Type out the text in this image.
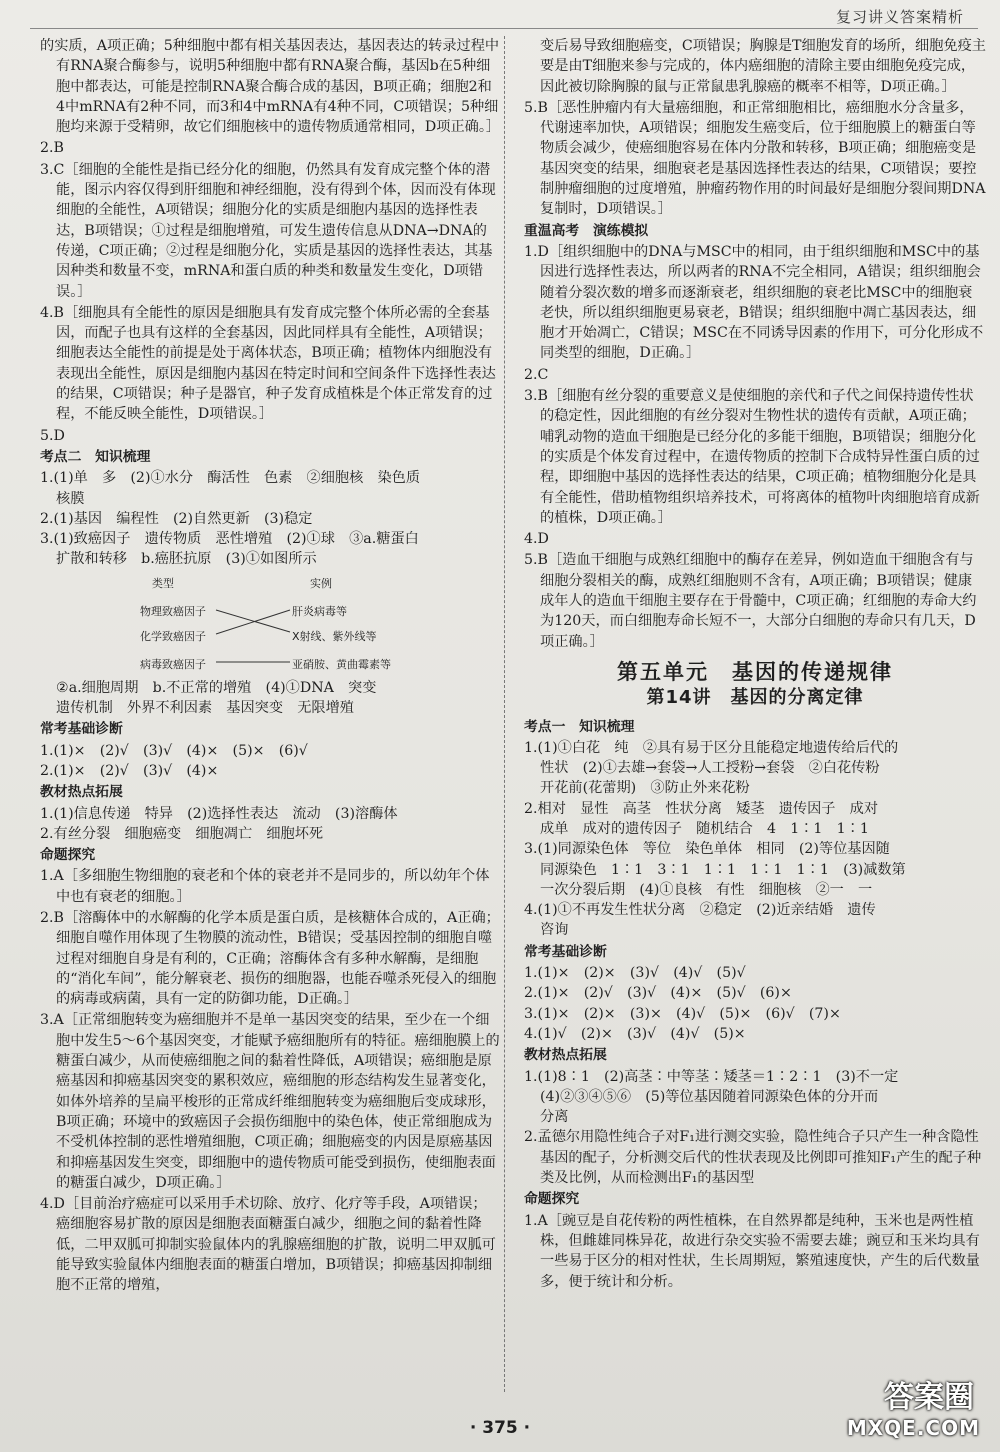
复习讲义答案精析

的实质，A项正确；5种细胞中都有相关基因表达，基因表达的转录过程中有RNA聚合酶参与，说明5种细胞中都有RNA聚合酶，基因b在5种细胞中都表达，可能是控制RNA聚合酶合成的基因，B项正确；细胞2和4中mRNA有2种不同，而3和4中mRNA有4种不同，C项错误；5种细胞均来源于受精卵，故它们细胞核中的遗传物质通常相同，D项正确。］

2.B

3.C［细胞的全能性是指已经分化的细胞，仍然具有发育成完整个体的潜能，图示内容仅得到肝细胞和神经细胞，没有得到个体，因而没有体现细胞的全能性，A项错误；细胞分化的实质是细胞内基因的选择性表达，B项错误；①过程是细胞增殖，可发生遗传信息从DNA→DNA的传递，C项正确；②过程是细胞分化，实质是基因的选择性表达，其基因种类和数量不变，mRNA和蛋白质的种类和数量发生变化，D项错误。］

4.B［细胞具有全能性的原因是细胞具有发育成完整个体所必需的全套基因，而配子也具有这样的全套基因，因此同样具有全能性，A项错误；细胞表达全能性的前提是处于离体状态，B项正确；植物体内细胞没有表现出全能性，原因是细胞内基因在特定时间和空间条件下选择性表达的结果，C项错误；种子是器官，种子发育成植株是个体正常发育的过程，不能反映全能性，D项错误。］

5.D

考点二　知识梳理

1.(1)单　多　(2)①水分　酶活性　色素　②细胞核　染色质

核膜

2.(1)基因　编程性　(2)自然更新　(3)稳定

3.(1)致癌因子　遗传物质　恶性增殖　(2)①球　③a.糖蛋白

扩散和转移　b.癌胚抗原　(3)①如图所示

类型	实例
物理致癌因子
化学致癌因子
病毒致癌因子
肝炎病毒等
X射线、紫外线等
亚硝胺、黄曲霉素等

②a.细胞周期　b.不正常的增殖　(4)①DNA　突变

遗传机制　外界不利因素　基因突变　无限增殖

常考基础诊断

1.(1)×　(2)√　(3)√　(4)×　(5)×　(6)√

2.(1)×　(2)√　(3)√　(4)×

教材热点拓展

1.(1)信息传递　特异　(2)选择性表达　流动　(3)溶酶体

2.有丝分裂　细胞癌变　细胞凋亡　细胞坏死

命题探究

1.A［多细胞生物细胞的衰老和个体的衰老并不是同步的，所以幼年个体中也有衰老的细胞。］

2.B［溶酶体中的水解酶的化学本质是蛋白质，是核糖体合成的，A正确；细胞自噬作用体现了生物膜的流动性，B错误；受基因控制的细胞自噬过程对细胞自身是有利的，C正确；溶酶体含有多种水解酶，是细胞的“消化车间”，能分解衰老、损伤的细胞器，也能吞噬杀死侵入的细胞的病毒或病菌，具有一定的防御功能，D正确。］

3.A［正常细胞转变为癌细胞并不是单一基因突变的结果，至少在一个细胞中发生5～6个基因突变，才能赋予癌细胞所有的特征。癌细胞膜上的糖蛋白减少，从而使癌细胞之间的黏着性降低，A项错误；癌细胞是原癌基因和抑癌基因突变的累积效应，癌细胞的形态结构发生显著变化，如体外培养的呈扁平梭形的正常成纤维细胞转变为癌细胞后变成球形，B项正确；环境中的致癌因子会损伤细胞中的染色体，使正常细胞成为不受机体控制的恶性增殖细胞，C项正确；细胞癌变的内因是原癌基因和抑癌基因发生突变，即细胞中的遗传物质可能受到损伤，使细胞表面的糖蛋白减少，D项正确。］

4.D［目前治疗癌症可以采用手术切除、放疗、化疗等手段，A项错误；癌细胞容易扩散的原因是细胞表面糖蛋白减少，细胞之间的黏着性降低，二甲双胍可抑制实验鼠体内的乳腺癌细胞的扩散，说明二甲双胍可能导致实验鼠体内细胞表面的糖蛋白增加，B项错误；抑癌基因抑制细胞不正常的增殖，

变后易导致细胞癌变，C项错误；胸腺是T细胞发育的场所，细胞免疫主要是由T细胞来参与完成的，体内癌细胞的清除主要由细胞免疫完成，因此被切除胸腺的鼠与正常鼠患乳腺癌的概率不相等，D项正确。］

5.B［恶性肿瘤内有大量癌细胞，和正常细胞相比，癌细胞水分含量多，代谢速率加快，A项错误；细胞发生癌变后，位于细胞膜上的糖蛋白等物质会减少，使癌细胞容易在体内分散和转移，B项正确；细胞癌变是基因突变的结果，细胞衰老是基因选择性表达的结果，C项错误；要控制肿瘤细胞的过度增殖，肿瘤药物作用的时间最好是细胞分裂间期DNA复制时，D项错误。］

重温高考　演练模拟

1.D［组织细胞中的DNA与MSC中的相同，由于组织细胞和MSC中的基因进行选择性表达，所以两者的RNA不完全相同，A错误；组织细胞会随着分裂次数的增多而逐渐衰老，组织细胞的衰老比MSC中的细胞衰老快，所以组织细胞更易衰老，B错误；组织细胞中凋亡基因表达，细胞才开始凋亡，C错误；MSC在不同诱导因素的作用下，可分化形成不同类型的细胞，D正确。］

2.C

3.B［细胞有丝分裂的重要意义是使细胞的亲代和子代之间保持遗传性状的稳定性，因此细胞的有丝分裂对生物性状的遗传有贡献，A项正确；哺乳动物的造血干细胞是已经分化的多能干细胞，B项错误；细胞分化的实质是个体发育过程中，在遗传物质的控制下合成特异性蛋白质的过程，即细胞中基因的选择性表达的结果，C项正确；植物细胞分化是具有全能性，借助植物组织培养技术，可将离体的植物叶肉细胞培育成新的植株，D项正确。］

4.D

5.B［造血干细胞与成熟红细胞中的酶存在差异，例如造血干细胞含有与细胞分裂相关的酶，成熟红细胞则不含有，A项正确；B项错误；健康成年人的造血干细胞主要存在于骨髓中，C项正确；红细胞的寿命大约为120天，而白细胞寿命长短不一，大部分白细胞的寿命只有几天，D项正确。］

第五单元　基因的传递规律
第14讲　基因的分离定律
考点一　知识梳理

1.(1)①白花　纯　②具有易于区分且能稳定地遗传给后代的

性状　(2)①去雄→套袋→人工授粉→套袋　②白花传粉

开花前(花蕾期)　③防止外来花粉

2.相对　显性　高茎　性状分离　矮茎　遗传因子　成对

成单　成对的遗传因子　随机结合　4　1∶1　1∶1

3.(1)同源染色体　等位　染色单体　相同　(2)等位基因随

同源染色　1∶1　3∶1　1∶1　1∶1　1∶1　(3)减数第

一次分裂后期　(4)①良核　有性　细胞核　②一　一

4.(1)①不再发生性状分离　②稳定　(2)近亲结婚　遗传

咨询

常考基础诊断

1.(1)×　(2)×　(3)√　(4)√　(5)√

2.(1)×　(2)√　(3)√　(4)×　(5)√　(6)×

3.(1)×　(2)×　(3)×　(4)√　(5)×　(6)√　(7)×

4.(1)√　(2)×　(3)√　(4)√　(5)×

教材热点拓展

1.(1)8∶1　(2)高茎∶中等茎∶矮茎＝1∶2∶1　(3)不一定

(4)②③④⑤⑥　(5)等位基因随着同源染色体的分开而

分离

2.孟德尔用隐性纯合子对F₁进行测交实验，隐性纯合子只产生一种含隐性基因的配子，分析测交后代的性状表现及比例即可推知F₁产生的配子种类及比例，从而检测出F₁的基因型

命题探究

1.A［豌豆是自花传粉的两性植株，在自然界都是纯种，玉米也是两性植株，但雌雄同株异花，故进行杂交实验不需要去雄；豌豆和玉米均具有一些易于区分的相对性状，生长周期短，繁殖速度快，产生的后代数量多，便于统计和分析。

· 375 ·
答案圈
MXQE.COM
